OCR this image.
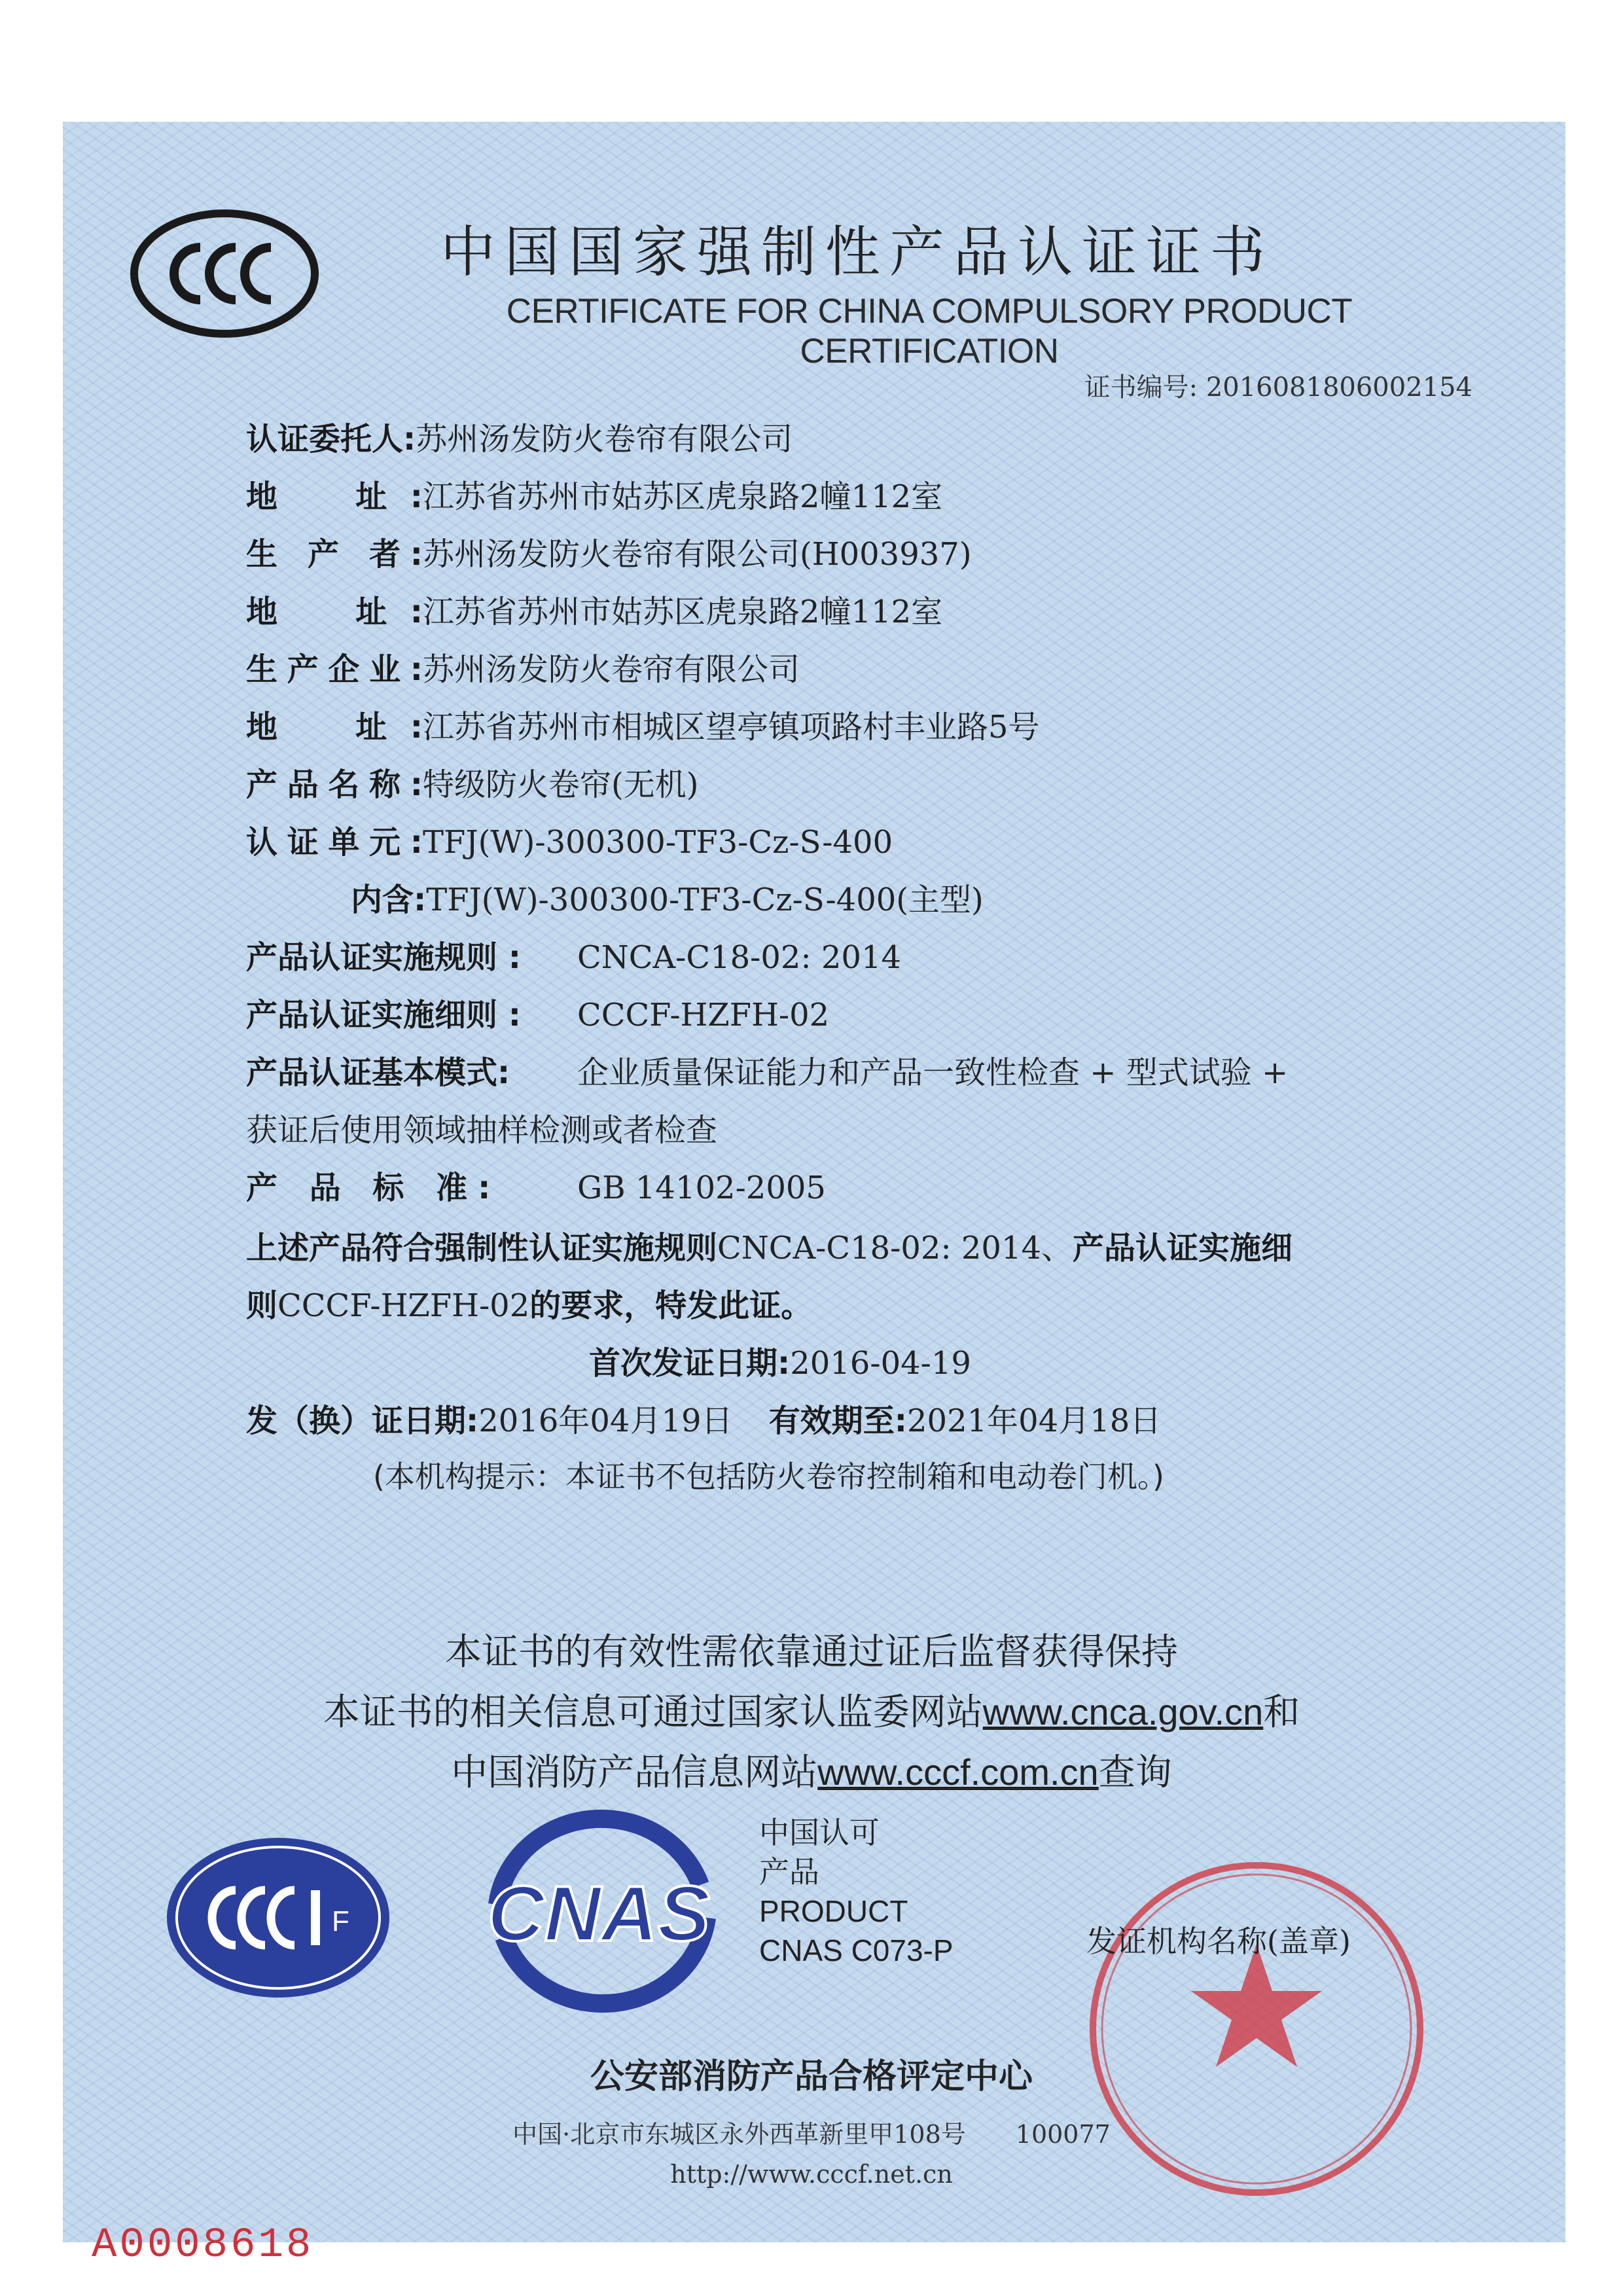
中国国家强制性产品认证证书
CERTIFICATE FOR CHINA COMPULSORY PRODUCT CERTIFICATION
证书编号: 2016081806002154
认证委托人:苏州汤发防火卷帘有限公司
地　址:江苏省苏州市姑苏区虎泉路2幢112室
生 产 者:苏州汤发防火卷帘有限公司(H003937)
地　址:江苏省苏州市姑苏区虎泉路2幢112室
生产企业:苏州汤发防火卷帘有限公司
地　址:江苏省苏州市相城区望亭镇项路村丰业路5号
产品名称:特级防火卷帘(无机)
认证单元:TFJ(W)-300300-TF3-Cz-S-400
内含:TFJ(W)-300300-TF3-Cz-S-400(主型)
产品认证实施规则 : CNCA-C18-02: 2014
产品认证实施细则 : CCCF-HZFH-02
产品认证基本模式: 企业质量保证能力和产品一致性检查 + 型式试验 +
获证后使用领域抽样检测或者检查
产 品 标 准: GB 14102-2005
上述产品符合强制性认证实施规则CNCA-C18-02: 2014、产品认证实施细
则CCCF-HZFH-02的要求，特发此证。
首次发证日期:2016-04-19
发（换）证日期:2016年04月19日 有效期至:2021年04月18日
(本机构提示：本证书不包括防火卷帘控制箱和电动卷门机。)
本证书的有效性需依靠通过证后监督获得保持
本证书的相关信息可通过国家认监委网站www.cnca.gov.cn和
中国消防产品信息网站www.cccf.com.cn查询
F CNAS
中国认可
产品
PRODUCT
CNAS C073-P	发证机构名称(盖章)
公安部消防产品合格评定中心
中国·北京市东城区永外西革新里甲108号　　100077
http://www.cccf.net.cn
A0008618
